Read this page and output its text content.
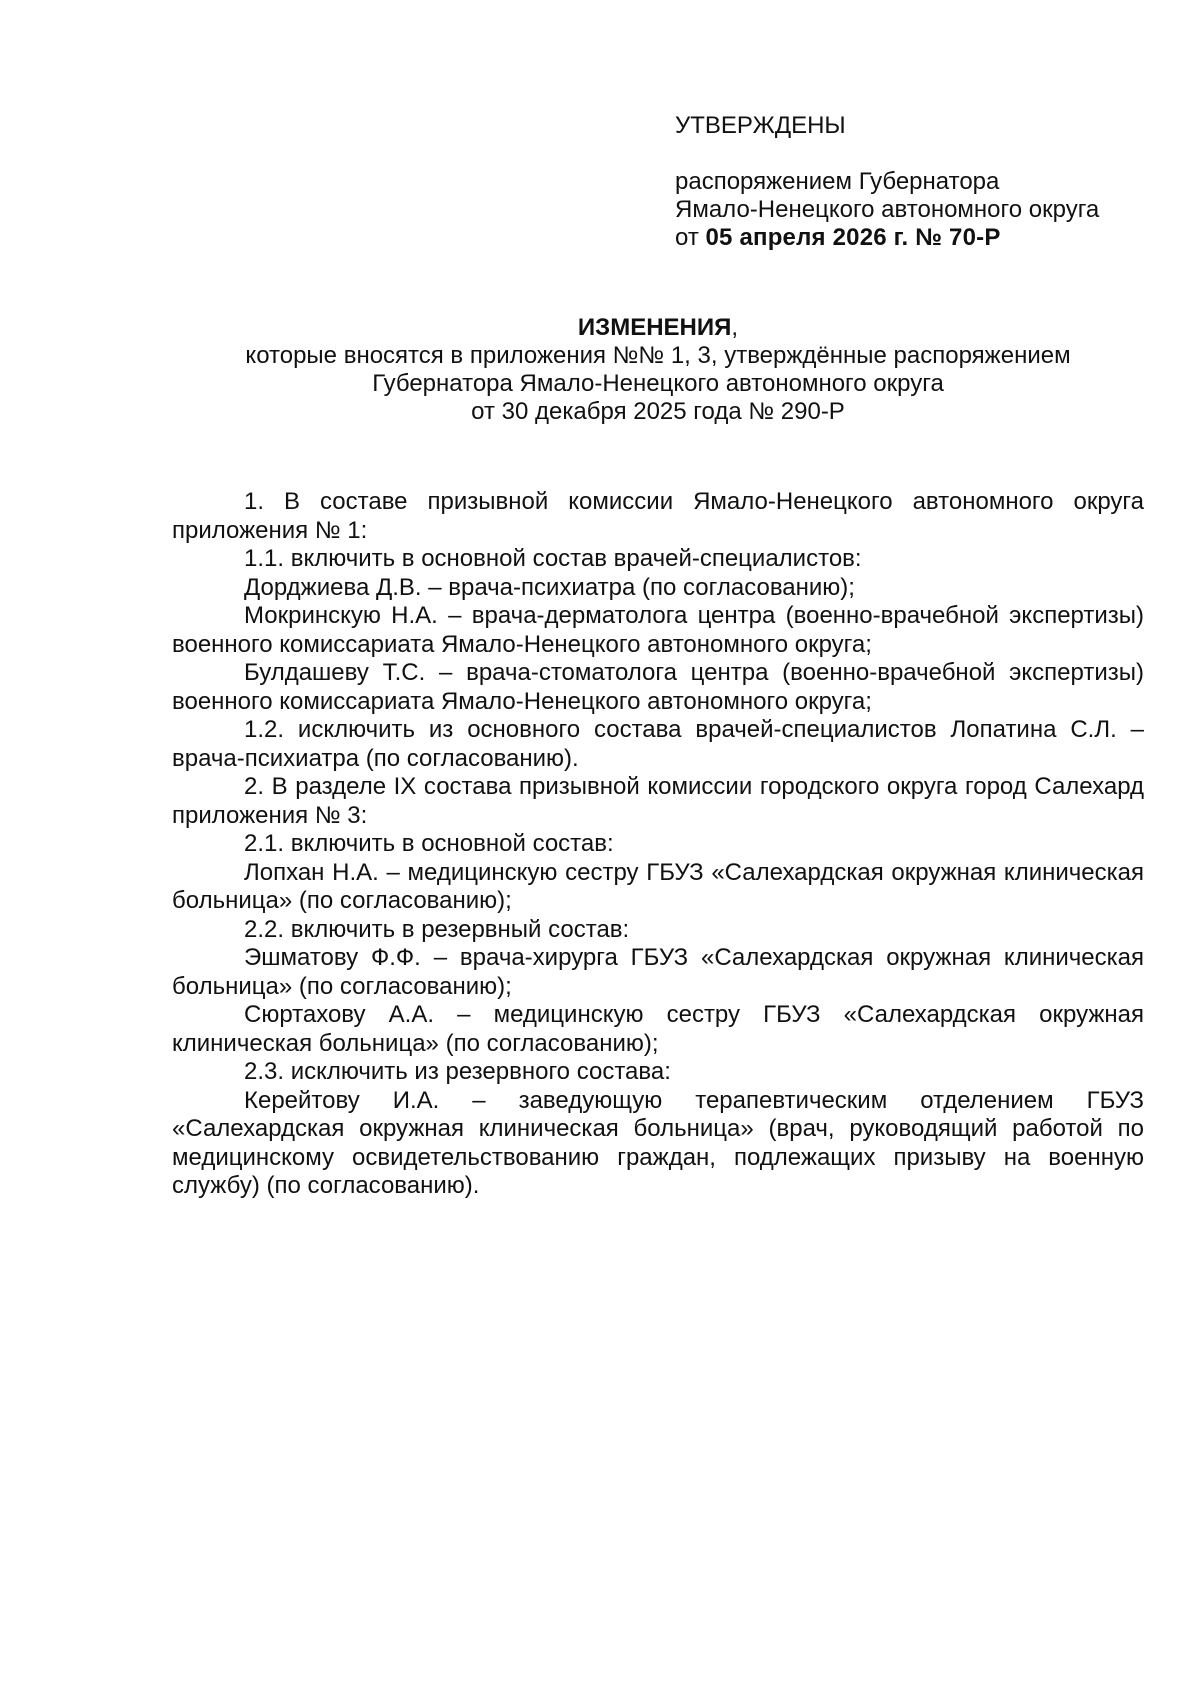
УТВЕРЖДЕНЫ
распоряжением Губернатора
Ямало-Ненецкого автономного округа
от 05 апреля 2026 г. № 70-Р
ИЗМЕНЕНИЯ,
которые вносятся в приложения №№ 1, 3, утверждённые распоряжением
Губернатора Ямало-Ненецкого автономного округа
от 30 декабря 2025 года № 290-Р

1. В составе призывной комиссии Ямало-Ненецкого автономного округа приложения № 1:

1.1. включить в основной состав врачей-специалистов:

Дорджиева Д.В. – врача-психиатра (по согласованию);

Мокринскую Н.А. – врача-дерматолога центра (военно-врачебной экспертизы) военного комиссариата Ямало-Ненецкого автономного округа;

Булдашеву Т.С. – врача-стоматолога центра (военно-врачебной экспертизы) военного комиссариата Ямало-Ненецкого автономного округа;

1.2. исключить из основного состава врачей-специалистов Лопатина С.Л. – врача-психиатра (по согласованию).

2. В разделе IX состава призывной комиссии городского округа город Салехард приложения № 3:

2.1. включить в основной состав:

Лопхан Н.А. – медицинскую сестру ГБУЗ «Салехардская окружная клиническая больница» (по согласованию);

2.2. включить в резервный состав:

Эшматову Ф.Ф. – врача-хирурга ГБУЗ «Салехардская окружная клиническая больница» (по согласованию);

Сюртахову А.А. – медицинскую сестру ГБУЗ «Салехардская окружная клиническая больница» (по согласованию);

2.3. исключить из резервного состава:

Керейтову И.А. – заведующую терапевтическим отделением ГБУЗ «Салехардская окружная клиническая больница» (врач, руководящий работой по медицинскому освидетельствованию граждан, подлежащих призыву на военную службу) (по согласованию).
